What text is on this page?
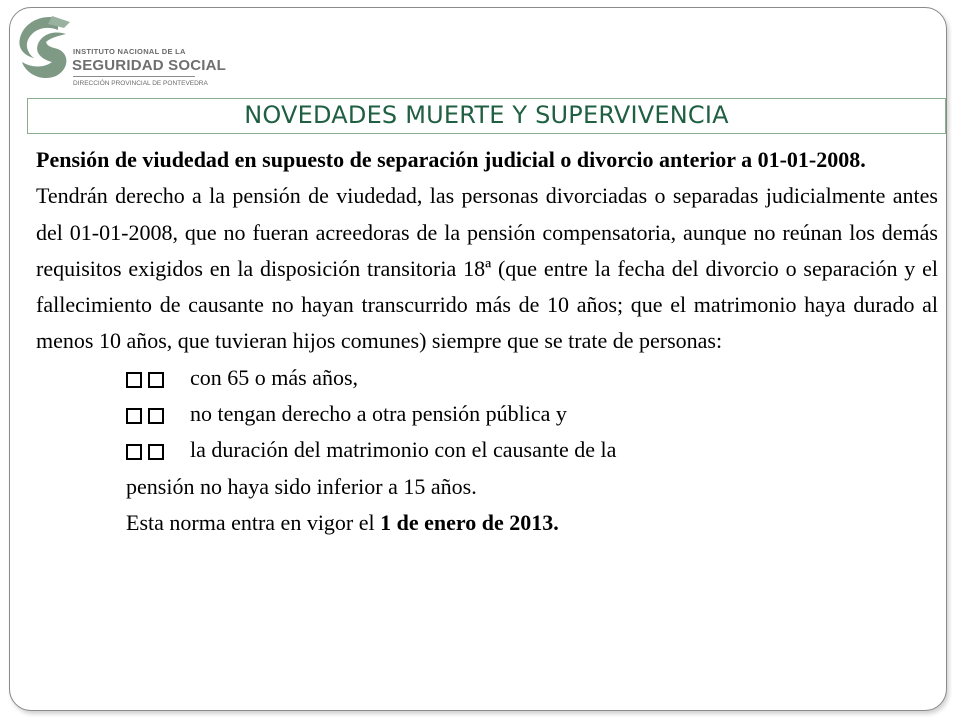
INSTITUTO NACIONAL DE LA
SEGURIDAD SOCIAL
DIRECCIÓN PROVINCIAL DE PONTEVEDRA
NOVEDADES MUERTE Y SUPERVIVENCIA

Pensión de viudedad en supuesto de separación judicial o divorcio anterior a 01-01-2008.

Tendrán derecho a la pensión de viudedad, las personas divorciadas o separadas judicialmente antes del 01-01-2008, que no fueran acreedoras de la pensión compensatoria, aunque no reúnan los demás requisitos exigidos en la disposición transitoria 18ª (que entre la fecha del divorcio o separación y el fallecimiento de causante no hayan transcurrido más de 10 años; que el matrimonio haya durado al menos 10 años, que tuvieran hijos comunes) siempre que se trate de personas:

con 65 o más años,

no tengan derecho a otra pensión pública y

la duración del matrimonio con el causante de la

pensión no haya sido inferior a 15 años.

Esta norma entra en vigor el 1 de enero de 2013.
